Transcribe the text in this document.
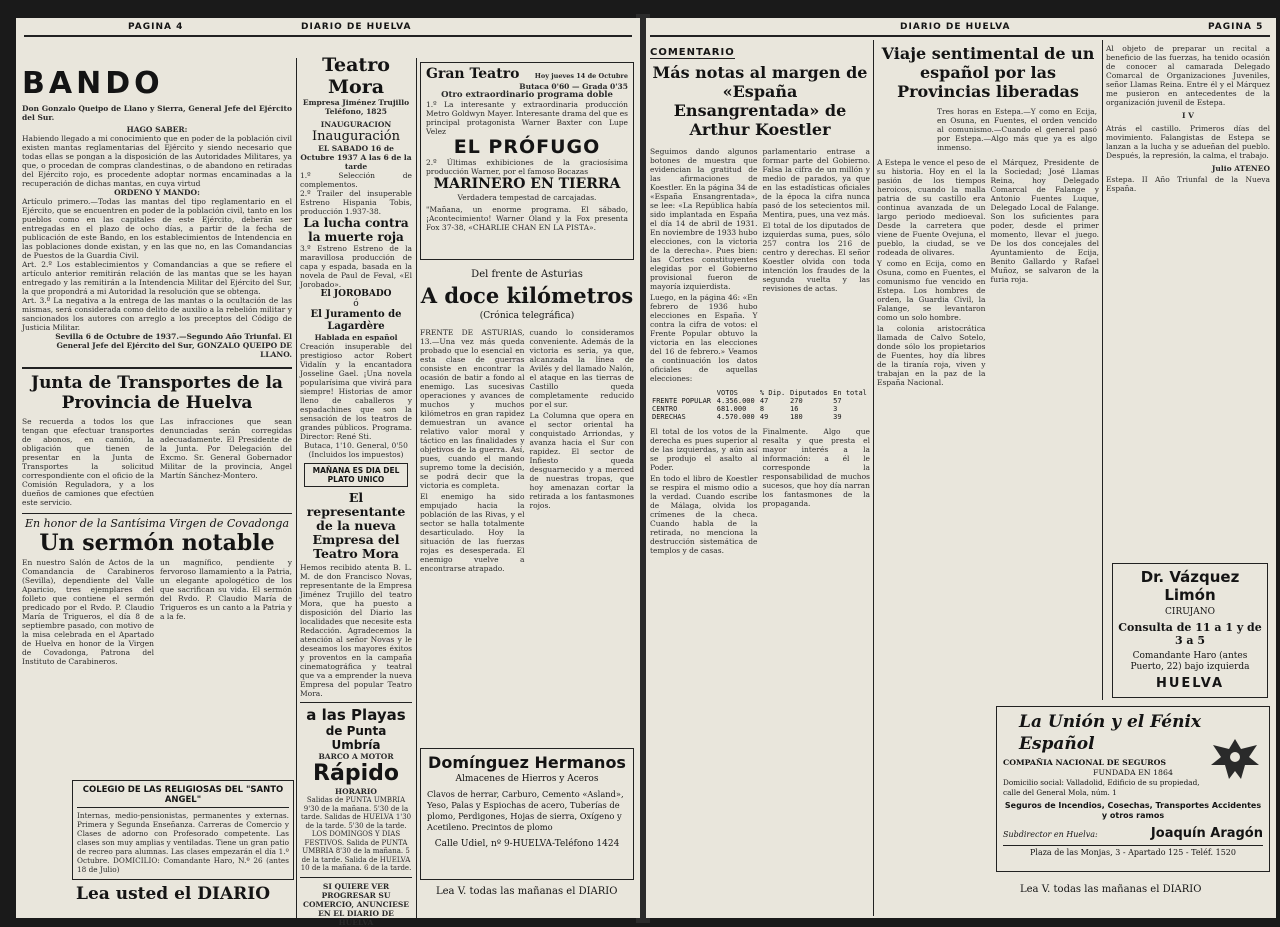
PAGINA 4	DIARIO DE HUELVA
BANDO
Don Gonzalo Queipo de Llano y Sierra, General Jefe del Ejército del Sur.
HAGO SABER:
Habiendo llegado a mi conocimiento que en poder de la población civil existen mantas reglamentarias del Ejército y siendo necesario que todas ellas se pongan a la disposición de las Autoridades Militares, ya que, o procedan de compras clandestinas, o de abandono en retiradas del Ejército rojo, es procedente adoptar normas encaminadas a la recuperación de dichas mantas, en cuya virtud
ORDENO Y MANDO:
Artículo primero.—Todas las mantas del tipo reglamentario en el Ejército, que se encuentren en poder de la población civil, tanto en los pueblos como en las capitales de este Ejército, deberán ser entregadas en el plazo de ocho días, a partir de la fecha de publicación de este Bando, en los establecimientos de Intendencia en las poblaciones donde existan, y en las que no, en las Comandancias de Puestos de la Guardia Civil.
Art. 2.º Los establecimientos y Comandancias a que se refiere el artículo anterior remitirán relación de las mantas que se les hayan entregado y las remitirán a la Intendencia Militar del Ejército del Sur, la que propondrá a mi Autoridad la resolución que se obtenga.
Art. 3.º La negativa a la entrega de las mantas o la ocultación de las mismas, será considerada como delito de auxilio a la rebelión militar y sancionados los autores con arreglo a los preceptos del Código de Justicia Militar.
Sevilla 6 de Octubre de 1937.—Segundo Año Triunfal. El General Jefe del Ejército del Sur, GONZALO QUEIPO DE LLANO.
Junta de Transportes de la Provincia de Huelva
Se recuerda a todos los que tengan que efectuar transportes de abonos, en camión, la obligación que tienen de presentar en la Junta de Transportes la solicitud correspondiente con el oficio de la Comisión Reguladora, y a los dueños de camiones que efectúen este servicio.
Las infracciones que sean denunciadas serán corregidas adecuadamente. El Presidente de la Junta. Por Delegación del Excmo. Sr. General Gobernador Militar de la provincia, Angel Martín Sánchez-Montero.
En honor de la Santísima Virgen de Covadonga
Un sermón notable
En nuestro Salón de Actos de la Comandancia de Carabineros (Sevilla), dependiente del Valle Aparicio, tres ejemplares del folleto que contiene el sermón predicado por el Rvdo. P. Claudio María de Trigueros, el día 8 de septiembre pasado, con motivo de la misa celebrada en el Apartado de Huelva en honor de la Virgen de Covadonga, Patrona del Instituto de Carabineros.
un magnífico, pendiente y fervoroso llamamiento a la Patria, un elegante apologético de los que sacrifican su vida. El sermón del Rvdo. P. Claudio María de Trigueros es un canto a la Patria y a la fe.
COLEGIO DE LAS RELIGIOSAS DEL "SANTO ANGEL"
Internas, medio-pensionistas, permanentes y externas. Primera y Segunda Enseñanza. Carreras de Comercio y Clases de adorno con Profesorado competente. Las clases son muy amplias y ventiladas. Tiene un gran patio de recreo para alumnas. Las clases empezarán el día 1.º Octubre. DOMICILIO: Comandante Haro, N.º 26 (antes 18 de Julio)
Lea usted el DIARIO
Teatro Mora
Empresa Jiménez Trujillo
Teléfono, 1825
INAUGURACION
Inauguración
EL SABADO 16 de Octubre 1937 A las 6 de la tarde
1.º Selección de complementos.
2.º Trailer del insuperable Estreno Hispania Tobis, producción 1.937-38.
La lucha contra la muerte roja
3.º Estreno Estreno de la maravillosa producción de capa y espada, basada en la novela de Paul de Feval, «El Jorobado».
El JOROBADO
ó
El Juramento de Lagardère
Hablada en español
Creación insuperable del prestigioso actor Robert Vidalín y la encantadora Josseline Gael. ¡Una novela popularísima que vivirá para siempre! Historias de amor lleno de caballeros y espadachines que son la sensación de los teatros de grandes públicos. Programa. Director: René Sti.
Butaca, 1'10. General, 0'50 (Incluidos los impuestos)
MAÑANA ES DIA DEL PLATO UNICO
El representante de la nueva Empresa del Teatro Mora
Hemos recibido atenta B. L. M. de don Francisco Novas, representante de la Empresa Jiménez Trujillo del teatro Mora, que ha puesto a disposición del Diario las localidades que necesite esta Redacción. Agradecemos la atención al señor Novas y le deseamos los mayores éxitos y proventos en la campaña cinematográfica y teatral que va a emprender la nueva Empresa del popular Teatro Mora.
a las Playas
de Punta Umbría
BARCO A MOTOR
Rápido
HORARIO
Salidas de PUNTA UMBRIA 9'30 de la mañana. 5'30 de la tarde. Salidas de HUELVA 1'30 de la tarde. 5'30 de la tarde. LOS DOMINGOS Y DIAS FESTIVOS. Salida de PUNTA UMBRIA 8'30 de la mañana. 5 de la tarde. Salida de HUELVA 10 de la mañana. 6 de la tarde.
SI QUIERE VER PROGRESAR SU COMERCIO, ANUNCIESE EN EL DIARIO DE HUELVA
Gran Teatro Hoy jueves 14 de Octubre
Butaca 0'60 — Grada 0'35
Otro extraordinario programa doble
1.º La interesante y extraordinaria producción Metro Goldwyn Mayer. Interesante drama del que es principal protagonista Warner Baxter con Lupe Velez
EL PRÓFUGO
2.º Últimas exhibiciones de la graciosísima producción Warner, por el famoso Bocazas
MARINERO EN TIERRA
Verdadera tempestad de carcajadas.
"Mañana, un enorme programa. El sábado, ¡Acontecimiento! Warner Oland y la Fox presenta Fox 37-38, «CHARLIE CHAN EN LA PISTA».
Del frente de Asturias
A doce kilómetros
(Crónica telegráfica)
FRENTE DE ASTURIAS, 13.—Una vez más queda probado que lo esencial en esta clase de guerras consiste en encontrar la ocasión de batir a fondo al enemigo. Las sucesivas operaciones y avances de muchos y muchos kilómetros en gran rapidez demuestran un avance relativo valor moral y táctico en las finalidades y objetivos de la guerra. Así, pues, cuando el mando supremo tome la decisión, se podrá decir que la victoria es completa.
El enemigo ha sido empujado hacia la población de las Rivas, y el sector se halla totalmente desarticulado. Hoy la situación de las fuerzas rojas es desesperada. El enemigo vuelve a encontrarse atrapado.
cuando lo consideramos conveniente. Además de la victoria es seria, ya que, alcanzada la línea de Avilés y del llamado Nalón, el ataque en las tierras de Castillo queda completamente reducido por el sur.
La Columna que opera en el sector oriental ha conquistado Arriondas, y avanza hacia el Sur con rapidez. El sector de Infiesto queda desguarnecido y a merced de nuestras tropas, que hoy amenazan cortar la retirada a los fantasmones rojos.
Domínguez Hermanos
Almacenes de Hierros y Aceros
Clavos de herrar, Carburo, Cemento «Asland», Yeso, Palas y Espiochas de acero, Tuberías de plomo, Perdigones, Hojas de sierra, Oxígeno y Acetileno. Precintos de plomo
Calle Udiel, nº 9-HUELVA-Teléfono 1424
Lea V. todas las mañanas el DIARIO
DIARIO DE HUELVA	PAGINA 5
COMENTARIO
Más notas al margen de «España Ensangrentada» de Arthur Koestler
Seguimos dando algunos botones de muestra que evidencian la gratitud de las afirmaciones de Koestler. En la página 34 de «España Ensangrentada», se lee: «La República había sido implantada en España el día 14 de abril de 1931. En noviembre de 1933 hubo elecciones, con la victoria de la derecha». Pues bien: las Cortes constituyentes elegidas por el Gobierno provisional fueron de mayoría izquierdista.
Luego, en la página 46: «En febrero de 1936 hubo elecciones en España. Y contra la cifra de votos: el Frente Popular obtuvo la victoria en las elecciones del 16 de febrero.» Veamos a continuación los datos oficiales de aquellas elecciones:
parlamentario entrase a formar parte del Gobierno. Falsa la cifra de un millón y medio de parados, ya que en las estadísticas oficiales de la época la cifra nunca pasó de los setecientos mil. Mentira, pues, una vez más.
El total de los diputados de izquierdas suma, pues, sólo 257 contra los 216 de centro y derechas. El señor Koestler olvida con toda intención los fraudes de la segunda vuelta y las revisiones de actas.
	VOTOS	% Dip.	Diputados	En total
FRENTE POPULAR	4.356.000	47	270	57
CENTRO	681.000	8	16	3
DERECHAS	4.570.000	49	180	39
El total de los votos de la derecha es pues superior al de las izquierdas, y aún así se produjo el asalto al Poder.
En todo el libro de Koestler se respira el mismo odio a la verdad. Cuando escribe de Málaga, olvida los crímenes de la checa. Cuando habla de la retirada, no menciona la destrucción sistemática de templos y de casas.
Finalmente. Algo que resalta y que presta el mayor interés a la información: a él le corresponde la responsabilidad de muchos sucesos, que hoy día narran los fantasmones de la propaganda.
Viaje sentimental de un español por las Provincias liberadas
Tres horas en Estepa.—Y como en Ecija, en Osuna, en Fuentes, el orden vencido al comunismo.—Cuando el general pasó por Estepa.—Algo más que ya es algo inmenso.
A Estepa le vence el peso de su historia. Hoy en el la pasión de los tiempos heroicos, cuando la malla patria de su castillo era continua avanzada de un largo periodo medioeval. Desde la carretera que viene de Fuente Ovejuna, el pueblo, la ciudad, se ve rodeada de olivares.
Y como en Ecija, como en Osuna, como en Fuentes, el comunismo fue vencido en Estepa. Los hombres de orden, la Guardia Civil, la Falange, se levantaron como un solo hombre.
la colonia aristocrática llamada de Calvo Sotelo, donde sólo los propietarios de Fuentes, hoy día libres de la tiranía roja, viven y trabajan en la paz de la España Nacional.
el Márquez, Presidente de la Sociedad; José Llamas Reina, hoy Delegado Comarcal de Falange y Antonio Fuentes Luque, Delegado Local de Falange. Son los suficientes para poder, desde el primer momento, llevar el juego. De los dos concejales del Ayuntamiento de Ecija, Benito Gallardo y Rafael Muñoz, se salvaron de la furia roja.
Al objeto de preparar un recital a beneficio de las fuerzas, ha tenido ocasión de conocer al camarada Delegado Comarcal de Organizaciones Juveniles, señor Llamas Reina. Entre él y el Márquez me pusieron en antecedentes de la organización juvenil de Estepa.
I V
Atrás el castillo. Primeros días del movimiento. Falangistas de Estepa se lanzan a la lucha y se adueñan del pueblo. Después, la represión, la calma, el trabajo.
Julio ATENEO
Estepa. II Año Triunfal de la Nueva España.
Dr. Vázquez Limón
CIRUJANO
Consulta de 11 a 1 y de 3 a 5
Comandante Haro (antes Puerto, 22) bajo izquierda
HUELVA
La Unión y el Fénix Español
COMPAÑIA NACIONAL DE SEGUROS
FUNDADA EN 1864
Domicilio social: Valladolid, Edificio de su propiedad, calle del General Mola, núm. 1
Seguros de Incendios, Cosechas, Transportes Accidentes y otros ramos
Subdirector en Huelva:	Joaquín Aragón
Plaza de las Monjas, 3 - Apartado 125 - Teléf. 1520
Lea V. todas las mañanas el DIARIO
